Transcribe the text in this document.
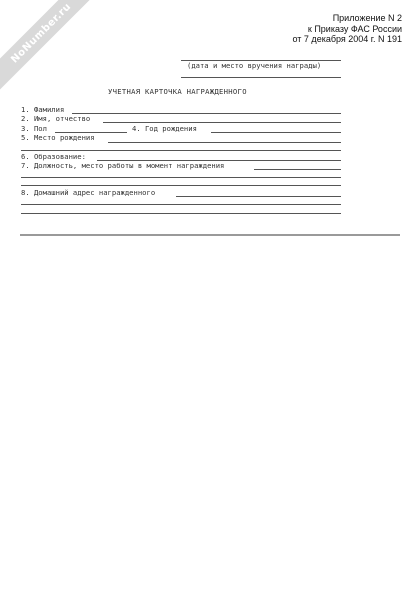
NoNumber.ru	Приложение N 2
к Приказу ФАС России
от 7 декабря 2004 г. N 191
(дата и место вручения награды)
УЧЕТНАЯ КАРТОЧКА НАГРАЖДЕННОГО
1. Фамилия
2. Имя, отчество
3. Пол	4. Год рождения
5. Место рождения
6. Образование:
7. Должность, место работы в момент награждения
8. Домашний адрес награжденного
